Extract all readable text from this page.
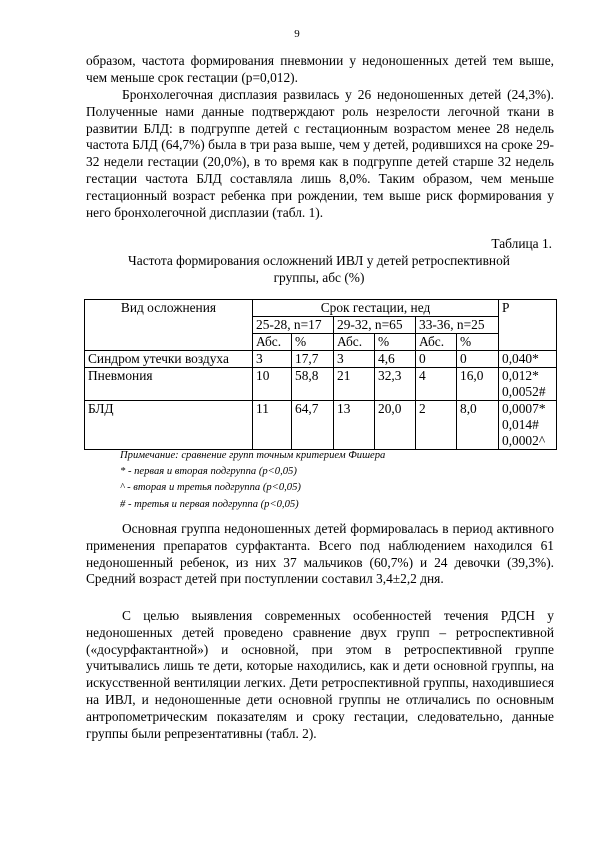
9

образом, частота формирования пневмонии у недоношенных детей тем выше, чем меньше срок гестации (р=0,012).

Бронхолегочная дисплазия развилась у 26 недоношенных детей (24,3%). Полученные нами данные подтверждают роль незрелости легочной ткани в развитии БЛД: в подгруппе детей с гестационным возрастом менее 28 недель частота БЛД (64,7%) была в три раза выше, чем у детей, родившихся на сроке 29-32 недели гестации (20,0%), в то время как в подгруппе детей старше 32 недель гестации частота БЛД составляла лишь 8,0%. Таким образом, чем меньше гестационный возраст ребенка при рождении, тем выше риск формирования у него бронхолегочной дисплазии (табл. 1).

Таблица 1.
Частота формирования осложнений ИВЛ у детей ретроспективной
группы, абс (%)
Вид осложнения	Срок гестации, нед						Р
	25-28, n=17		29-32, n=65		33-36, n=25		
	Абс.	%	Абс.	%	Абс.	%	
Синдром утечки воздуха	3	17,7	3	4,6	0	0	0,040*

Пневмония	10	58,8	21	32,3	4	16,0	0,012*
0,0052#

БЛД	11	64,7	13	20,0	2	8,0	0,0007*
0,014#
0,0002^
Примечание: сравнение групп точным критерием Фишера
* - первая и вторая подгруппа (р<0,05)
^ - вторая и третья подгруппа (р<0,05)
# - третья и первая подгруппа (р<0,05)

Основная группа недоношенных детей формировалась в период активного применения препаратов сурфактанта. Всего под наблюдением находился 61 недоношенный ребенок, из них 37 мальчиков (60,7%) и 24 девочки (39,3%). Средний возраст детей при поступлении составил 3,4±2,2 дня.

С целью выявления современных особенностей течения РДСН у недоношенных детей проведено сравнение двух групп – ретроспективной («досурфактантной») и основной, при этом в ретроспективной группе учитывались лишь те дети, которые находились, как и дети основной группы, на искусственной вентиляции легких. Дети ретроспективной группы, находившиеся на ИВЛ, и недоношенные дети основной группы не отличались по основным антропометрическим показателям и сроку гестации, следовательно, данные группы были репрезентативны (табл. 2).
